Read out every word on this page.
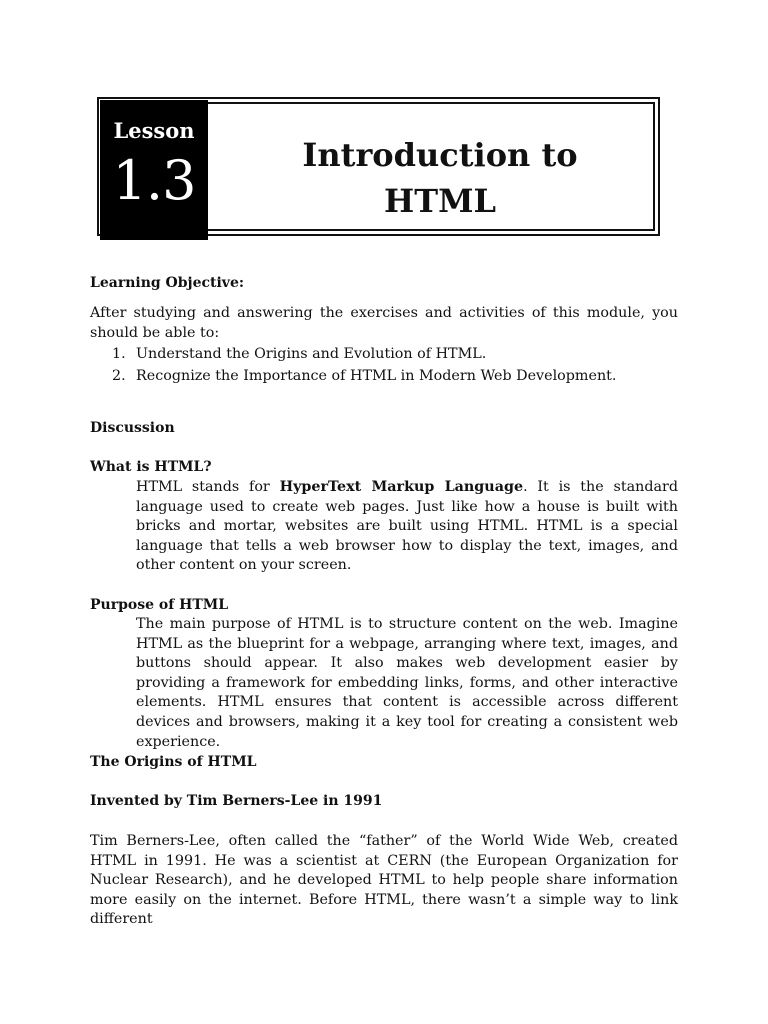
Lesson
1.3	Introduction to
HTML
Learning Objective:
After studying and answering the exercises and activities of this module, you should be able to:
1. Understand the Origins and Evolution of HTML.
2. Recognize the Importance of HTML in Modern Web Development.
Discussion
What is HTML?
HTML stands for HyperText Markup Language. It is the standard language used to create web pages. Just like how a house is built with bricks and mortar, websites are built using HTML. HTML is a special language that tells a web browser how to display the text, images, and other content on your screen.
Purpose of HTML
The main purpose of HTML is to structure content on the web. Imagine HTML as the blueprint for a webpage, arranging where text, images, and buttons should appear. It also makes web development easier by providing a framework for embedding links, forms, and other interactive elements. HTML ensures that content is accessible across different devices and browsers, making it a key tool for creating a consistent web experience.
The Origins of HTML
Invented by Tim Berners-Lee in 1991
Tim Berners-Lee, often called the “father” of the World Wide Web, created HTML in 1991. He was a scientist at CERN (the European Organization for Nuclear Research), and he developed HTML to help people share information more easily on the internet. Before HTML, there wasn’t a simple way to link different
